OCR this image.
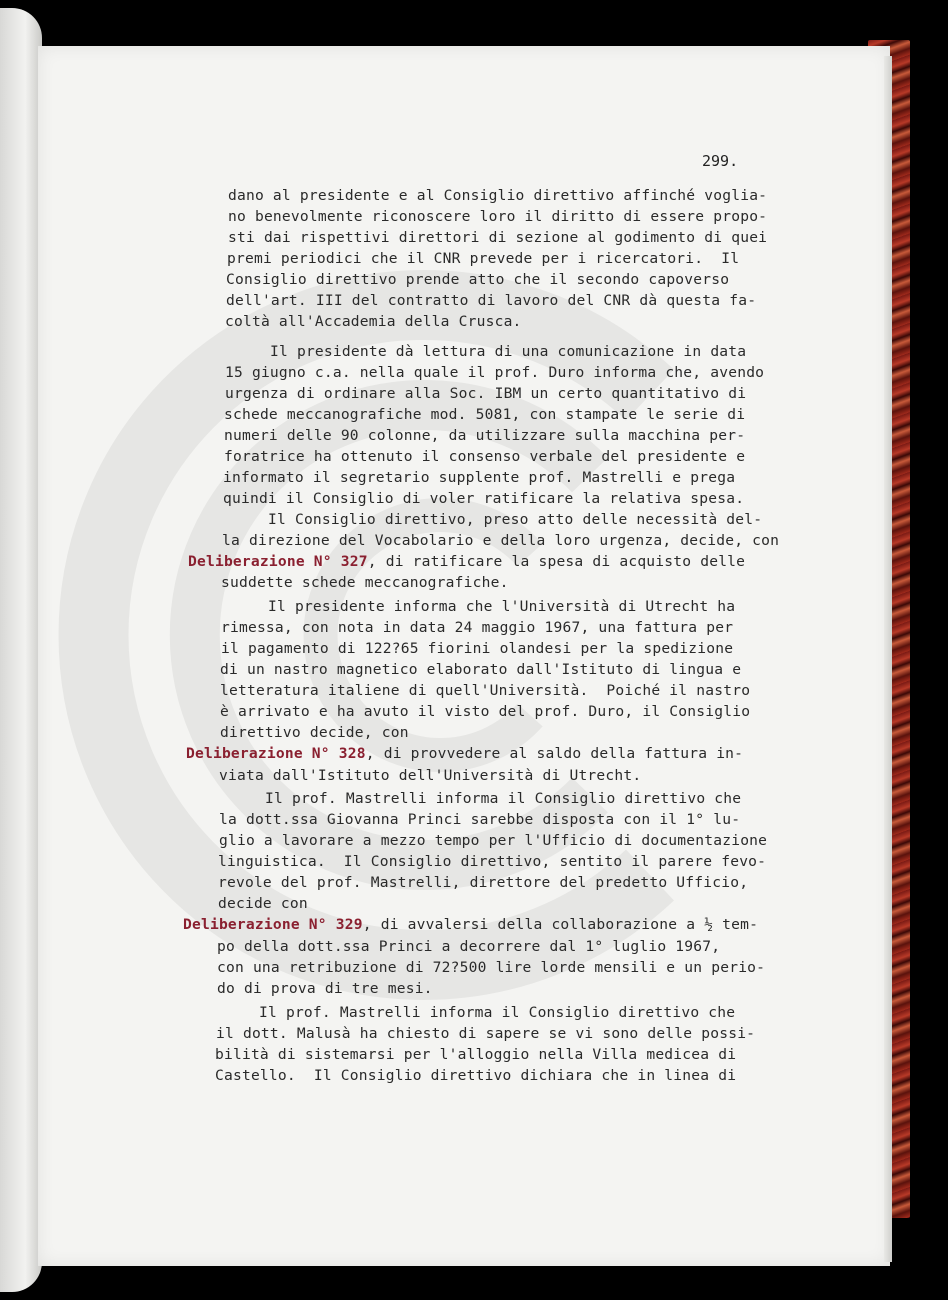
299.
dano al presidente e al Consiglio direttivo affinché voglia-
no benevolmente riconoscere loro il diritto di essere propo-
sti dai rispettivi direttori di sezione al godimento di quei
premi periodici che il CNR prevede per i ricercatori.  Il
Consiglio direttivo prende atto che il secondo capoverso
dell'art. III del contratto di lavoro del CNR dà questa fa-
coltà all'Accademia della Crusca.
Il presidente dà lettura di una comunicazione in data
15 giugno c.a. nella quale il prof. Duro informa che, avendo
urgenza di ordinare alla Soc. IBM un certo quantitativo di
schede meccanografiche mod. 5081, con stampate le serie di
numeri delle 90 colonne, da utilizzare sulla macchina per-
foratrice ha ottenuto il consenso verbale del presidente e
informato il segretario supplente prof. Mastrelli e prega
quindi il Consiglio di voler ratificare la relativa spesa.
Il Consiglio direttivo, preso atto delle necessità del-
la direzione del Vocabolario e della loro urgenza, decide, con
Deliberazione N° 327, di ratificare la spesa di acquisto delle
suddette schede meccanografiche.
Il presidente informa che l'Università di Utrecht ha
rimessa, con nota in data 24 maggio 1967, una fattura per
il pagamento di 122?65 fiorini olandesi per la spedizione
di un nastro magnetico elaborato dall'Istituto di lingua e
letteratura italiene di quell'Università.  Poiché il nastro
è arrivato e ha avuto il visto del prof. Duro, il Consiglio
direttivo decide, con
Deliberazione N° 328, di provvedere al saldo della fattura in-
viata dall'Istituto dell'Università di Utrecht.
Il prof. Mastrelli informa il Consiglio direttivo che
la dott.ssa Giovanna Princi sarebbe disposta con il 1° lu-
glio a lavorare a mezzo tempo per l'Ufficio di documentazione
linguistica.  Il Consiglio direttivo, sentito il parere fevo-
revole del prof. Mastrelli, direttore del predetto Ufficio,
decide con
Deliberazione N° 329, di avvalersi della collaborazione a ½ tem-
po della dott.ssa Princi a decorrere dal 1° luglio 1967,
con una retribuzione di 72?500 lire lorde mensili e un perio-
do di prova di tre mesi.
Il prof. Mastrelli informa il Consiglio direttivo che
il dott. Malusà ha chiesto di sapere se vi sono delle possi-
bilità di sistemarsi per l'alloggio nella Villa medicea di
Castello.  Il Consiglio direttivo dichiara che in linea di
